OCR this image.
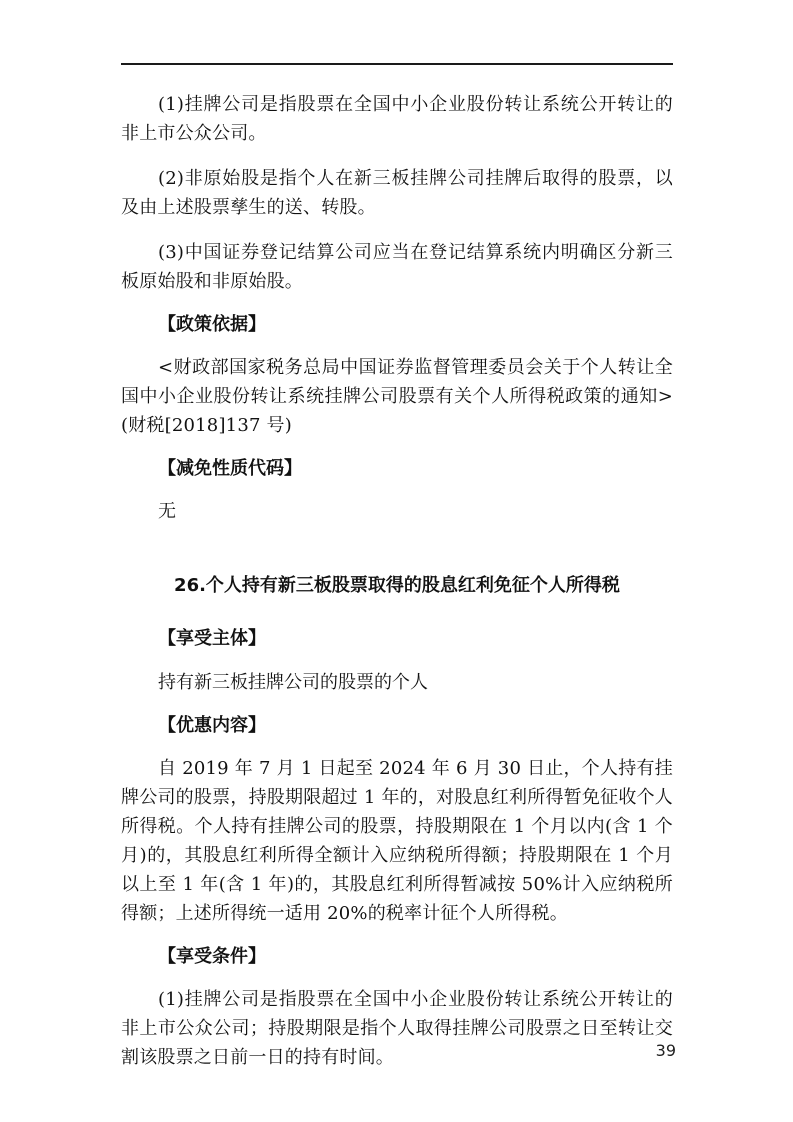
(1)挂牌公司是指股票在全国中小企业股份转让系统公开转让的非上市公众公司。

(2)非原始股是指个人在新三板挂牌公司挂牌后取得的股票，以及由上述股票孳生的送、转股。

(3)中国证券登记结算公司应当在登记结算系统内明确区分新三板原始股和非原始股。

【政策依据】

<财政部国家税务总局中国证券监督管理委员会关于个人转让全国中小企业股份转让系统挂牌公司股票有关个人所得税政策的通知>(财税[2018]137 号)

【减免性质代码】

无

26.个人持有新三板股票取得的股息红利免征个人所得税

【享受主体】

持有新三板挂牌公司的股票的个人

【优惠内容】

自 2019 年 7 月 1 日起至 2024 年 6 月 30 日止，个人持有挂牌公司的股票，持股期限超过 1 年的，对股息红利所得暂免征收个人所得税。个人持有挂牌公司的股票，持股期限在 1 个月以内(含 1 个月)的，其股息红利所得全额计入应纳税所得额；持股期限在 1 个月以上至 1 年(含 1 年)的，其股息红利所得暂减按 50%计入应纳税所得额；上述所得统一适用 20%的税率计征个人所得税。

【享受条件】

(1)挂牌公司是指股票在全国中小企业股份转让系统公开转让的非上市公众公司；持股期限是指个人取得挂牌公司股票之日至转让交割该股票之日前一日的持有时间。	39
